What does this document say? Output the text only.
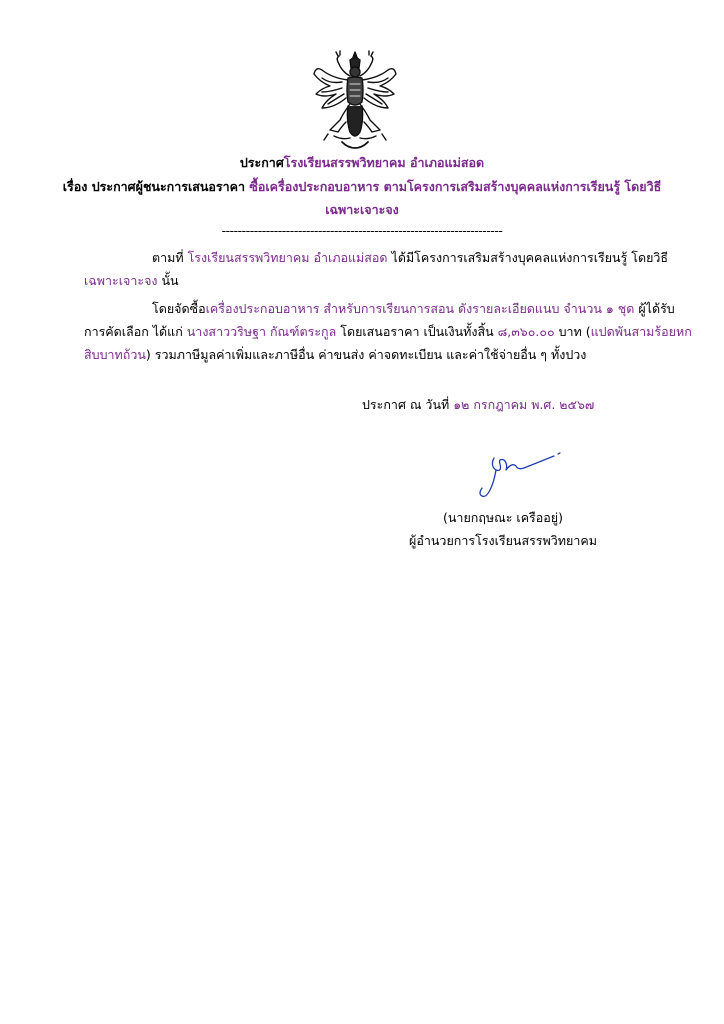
ประกาศโรงเรียนสรรพวิทยาคม อำเภอแม่สอด
เรื่อง ประกาศผู้ชนะการเสนอราคา ซื้อเครื่องประกอบอาหาร ตามโครงการเสริมสร้างบุคคลแห่งการเรียนรู้ โดยวิธี
เฉพาะเจาะจง
----------------------------------------------------------------------
ตามที่ โรงเรียนสรรพวิทยาคม อำเภอแม่สอด ได้มีโครงการเสริมสร้างบุคคลแห่งการเรียนรู้ โดยวิธี
เฉพาะเจาะจง นั้น
โดยจัดซื้อเครื่องประกอบอาหาร สำหรับการเรียนการสอน ดังรายละเอียดแนบ จำนวน ๑ ชุด ผู้ได้รับ
การคัดเลือก ได้แก่ นางสาววริษฐา กัณฑ์ตระกูล โดยเสนอราคา เป็นเงินทั้งสิ้น ๘,๓๖๐.๐๐ บาท (แปดพันสามร้อยหก
สิบบาทถ้วน) รวมภาษีมูลค่าเพิ่มและภาษีอื่น ค่าขนส่ง ค่าจดทะเบียน และค่าใช้จ่ายอื่น ๆ ทั้งปวง
ประกาศ ณ วันที่ ๑๒ กรกฎาคม พ.ศ. ๒๕๖๗
(นายกฤษณะ เครืออยู่)
ผู้อำนวยการโรงเรียนสรรพวิทยาคม
